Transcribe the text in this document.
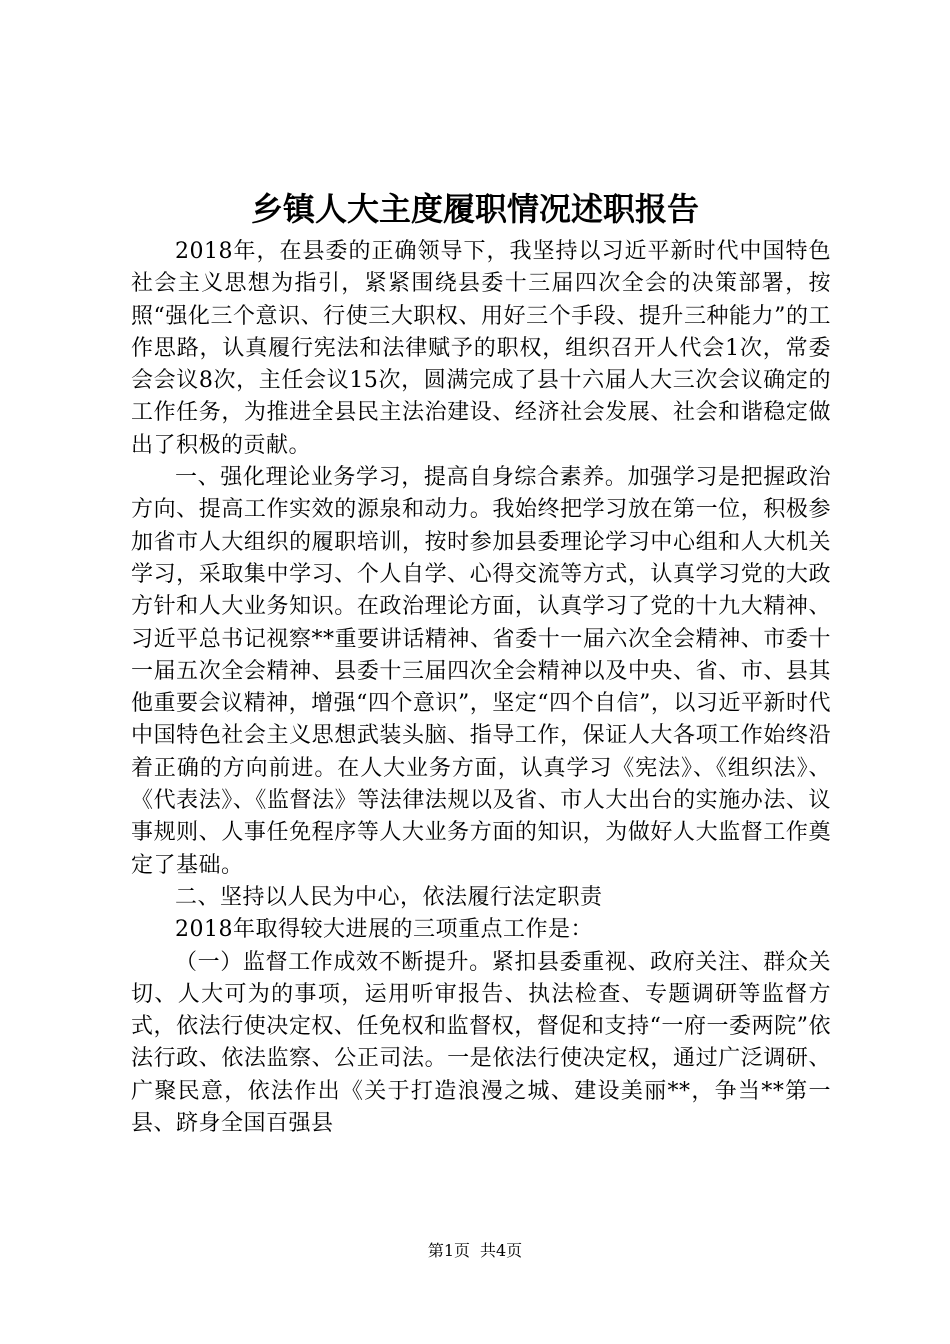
乡镇人大主度履职情况述职报告

2018年，在县委的正确领导下，我坚持以习近平新时代中国特色社会主义思想为指引，紧紧围绕县委十三届四次全会的决策部署，按照“强化三个意识、行使三大职权、用好三个手段、提升三种能力”的工作思路，认真履行宪法和法律赋予的职权，组织召开人代会1次，常委会会议8次，主任会议15次，圆满完成了县十六届人大三次会议确定的工作任务，为推进全县民主法治建设、经济社会发展、社会和谐稳定做出了积极的贡献。

一、强化理论业务学习，提高自身综合素养。加强学习是把握政治方向、提高工作实效的源泉和动力。我始终把学习放在第一位，积极参加省市人大组织的履职培训，按时参加县委理论学习中心组和人大机关学习，采取集中学习、个人自学、心得交流等方式，认真学习党的大政方针和人大业务知识。在政治理论方面，认真学习了党的十九大精神、习近平总书记视察**重要讲话精神、省委十一届六次全会精神、市委十一届五次全会精神、县委十三届四次全会精神以及中央、省、市、县其他重要会议精神，增强“四个意识”，坚定“四个自信”，以习近平新时代中国特色社会主义思想武装头脑、指导工作，保证人大各项工作始终沿着正确的方向前进。在人大业务方面，认真学习《宪法》、《组织法》、《代表法》、《监督法》等法律法规以及省、市人大出台的实施办法、议事规则、人事任免程序等人大业务方面的知识，为做好人大监督工作奠定了基础。

二、坚持以人民为中心，依法履行法定职责

2018年取得较大进展的三项重点工作是：

（一）监督工作成效不断提升。紧扣县委重视、政府关注、群众关切、人大可为的事项，运用听审报告、执法检查、专题调研等监督方式，依法行使决定权、任免权和监督权，督促和支持“一府一委两院”依法行政、依法监察、公正司法。一是依法行使决定权，通过广泛调研、广聚民意，依法作出《关于打造浪漫之城、建设美丽**，争当**第一县、跻身全国百强县

第1页 共4页
